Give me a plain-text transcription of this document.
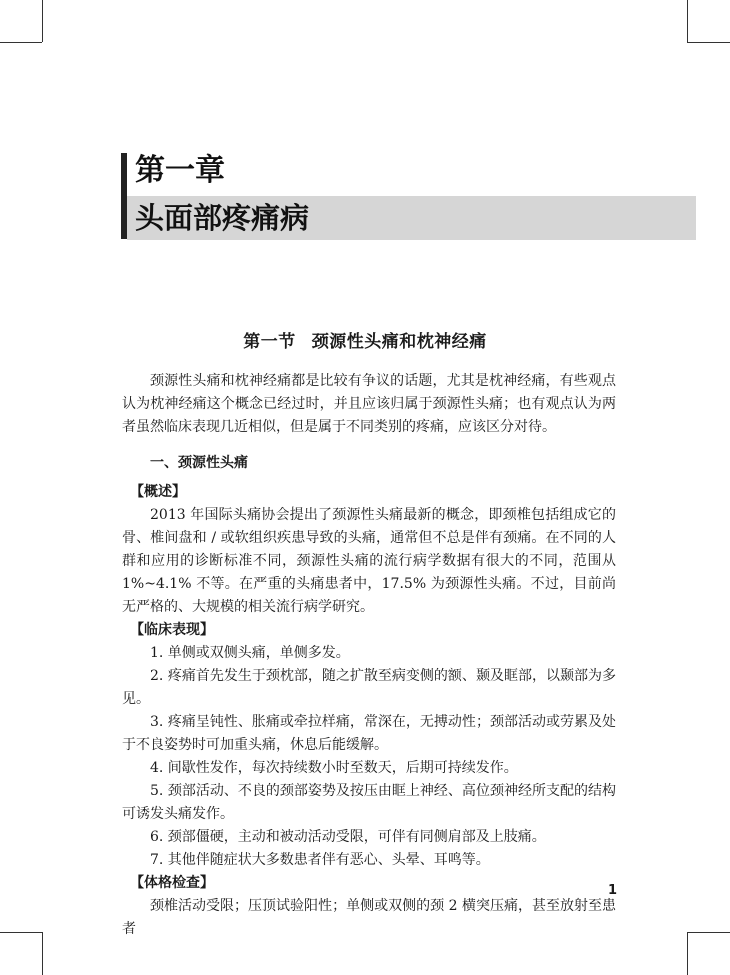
第一章
头面部疼痛病
第一节 颈源性头痛和枕神经痛

颈源性头痛和枕神经痛都是比较有争议的话题，尤其是枕神经痛，有些观点认为枕神经痛这个概念已经过时，并且应该归属于颈源性头痛；也有观点认为两者虽然临床表现几近相似，但是属于不同类别的疼痛，应该区分对待。

一、颈源性头痛

【概述】

2013 年国际头痛协会提出了颈源性头痛最新的概念，即颈椎包括组成它的骨、椎间盘和 / 或软组织疾患导致的头痛，通常但不总是伴有颈痛。在不同的人群和应用的诊断标准不同，颈源性头痛的流行病学数据有很大的不同，范围从1%~4.1% 不等。在严重的头痛患者中，17.5% 为颈源性头痛。不过，目前尚无严格的、大规模的相关流行病学研究。

【临床表现】

1. 单侧或双侧头痛，单侧多发。

2. 疼痛首先发生于颈枕部，随之扩散至病变侧的额、颞及眶部，以颞部为多见。

3. 疼痛呈钝性、胀痛或牵拉样痛，常深在，无搏动性；颈部活动或劳累及处于不良姿势时可加重头痛，休息后能缓解。

4. 间歇性发作，每次持续数小时至数天，后期可持续发作。

5. 颈部活动、不良的颈部姿势及按压由眶上神经、高位颈神经所支配的结构可诱发头痛发作。

6. 颈部僵硬，主动和被动活动受限，可伴有同侧肩部及上肢痛。

7. 其他伴随症状大多数患者伴有恶心、头晕、耳鸣等。

【体格检查】

颈椎活动受限；压顶试验阳性；单侧或双侧的颈 2 横突压痛，甚至放射至患者

1
